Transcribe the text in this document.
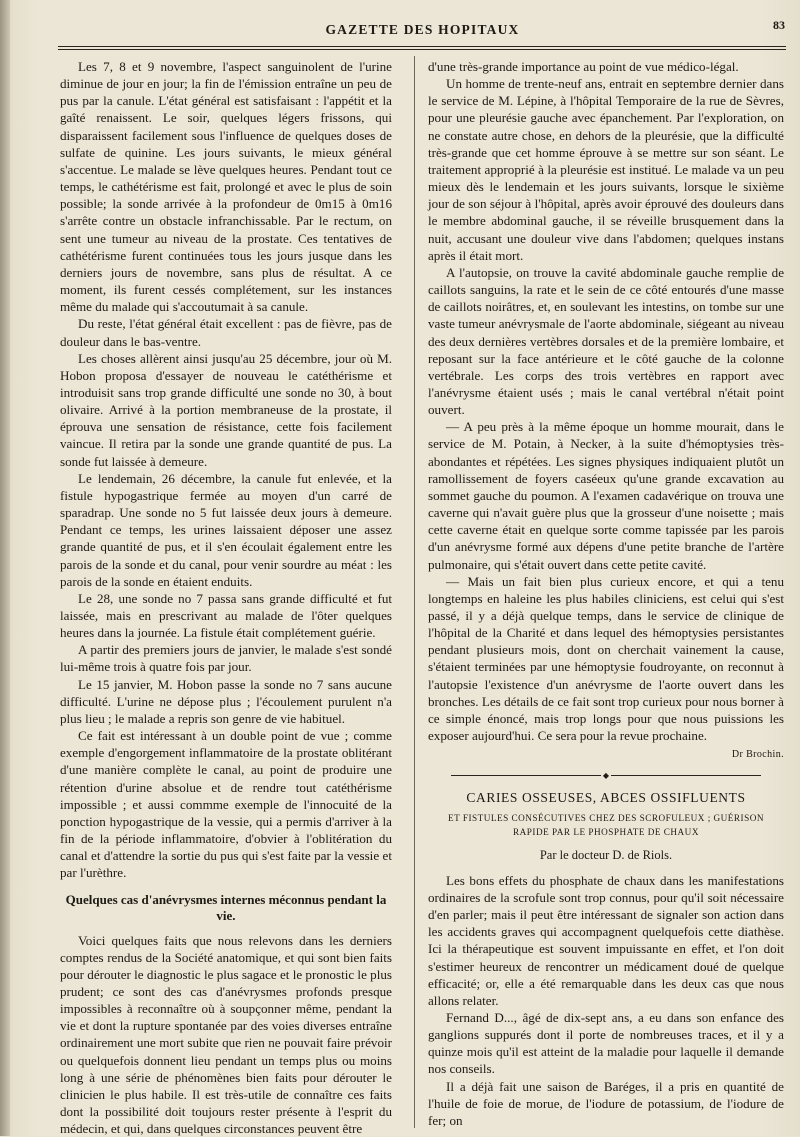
GAZETTE DES HOPITAUX	83

Les 7, 8 et 9 novembre, l'aspect sanguinolent de l'urine diminue de jour en jour; la fin de l'émission entraîne un peu de pus par la canule. L'état général est satisfaisant : l'appétit et la gaîté renaissent. Le soir, quelques légers frissons, qui disparaissent facilement sous l'influence de quelques doses de sulfate de quinine. Les jours suivants, le mieux général s'accentue. Le malade se lève quelques heures. Pendant tout ce temps, le cathétérisme est fait, prolongé et avec le plus de soin possible; la sonde arrivée à la profondeur de 0m15 à 0m16 s'arrête contre un obstacle infranchissable. Par le rectum, on sent une tumeur au niveau de la prostate. Ces tentatives de cathétérisme furent continuées tous les jours jusque dans les derniers jours de novembre, sans plus de résultat. A ce moment, ils furent cessés complétement, sur les instances même du malade qui s'accoutumait à sa canule.

Du reste, l'état général était excellent : pas de fièvre, pas de douleur dans le bas-ventre.

Les choses allèrent ainsi jusqu'au 25 décembre, jour où M. Hobon proposa d'essayer de nouveau le catéthérisme et introduisit sans trop grande difficulté une sonde no 30, à bout olivaire. Arrivé à la portion membraneuse de la prostate, il éprouva une sensation de résistance, cette fois facilement vaincue. Il retira par la sonde une grande quantité de pus. La sonde fut laissée à demeure.

Le lendemain, 26 décembre, la canule fut enlevée, et la fistule hypogastrique fermée au moyen d'un carré de sparadrap. Une sonde no 5 fut laissée deux jours à demeure. Pendant ce temps, les urines laissaient déposer une assez grande quantité de pus, et il s'en écoulait également entre les parois de la sonde et du canal, pour venir sourdre au méat : les parois de la sonde en étaient enduits.

Le 28, une sonde no 7 passa sans grande difficulté et fut laissée, mais en prescrivant au malade de l'ôter quelques heures dans la journée. La fistule était complétement guérie.

A partir des premiers jours de janvier, le malade s'est sondé lui-même trois à quatre fois par jour.

Le 15 janvier, M. Hobon passe la sonde no 7 sans aucune difficulté. L'urine ne dépose plus ; l'écoulement purulent n'a plus lieu ; le malade a repris son genre de vie habituel.

Ce fait est intéressant à un double point de vue ; comme exemple d'engorgement inflammatoire de la prostate oblitérant d'une manière complète le canal, au point de produire une rétention d'urine absolue et de rendre tout catéthérisme impossible ; et aussi commme exemple de l'innocuité de la ponction hypogastrique de la vessie, qui a permis d'arriver à la fin de la période inflammatoire, d'obvier à l'oblitération du canal et d'attendre la sortie du pus qui s'est faite par la vessie et par l'urèthre.

Quelques cas d'anévrysmes internes méconnus pendant la vie.

Voici quelques faits que nous relevons dans les derniers comptes rendus de la Société anatomique, et qui sont bien faits pour dérouter le diagnostic le plus sagace et le pronostic le plus prudent; ce sont des cas d'anévrysmes profonds presque impossibles à reconnaître où à soupçonner même, pendant la vie et dont la rupture spontanée par des voies diverses entraîne ordinairement une mort subite que rien ne pouvait faire prévoir ou quelquefois donnent lieu pendant un temps plus ou moins long à une série de phénomènes bien faits pour dérouter le clinicien le plus habile. Il est très-utile de connaître ces faits dont la possibilité doit toujours rester présente à l'esprit du médecin, et qui, dans quelques circonstances peuvent être

d'une très-grande importance au point de vue médico-légal.

Un homme de trente-neuf ans, entrait en septembre dernier dans le service de M. Lépine, à l'hôpital Temporaire de la rue de Sèvres, pour une pleurésie gauche avec épanchement. Par l'exploration, on ne constate autre chose, en dehors de la pleurésie, que la difficulté très-grande que cet homme éprouve à se mettre sur son séant. Le traitement approprié à la pleurésie est institué. Le malade va un peu mieux dès le lendemain et les jours suivants, lorsque le sixième jour de son séjour à l'hôpital, après avoir éprouvé des douleurs dans le membre abdominal gauche, il se réveille brusquement dans la nuit, accusant une douleur vive dans l'abdomen; quelques instans après il était mort.

A l'autopsie, on trouve la cavité abdominale gauche remplie de caillots sanguins, la rate et le sein de ce côté entourés d'une masse de caillots noirâtres, et, en soulevant les intestins, on tombe sur une vaste tumeur anévrysmale de l'aorte abdominale, siégeant au niveau des deux dernières vertèbres dorsales et de la première lombaire, et reposant sur la face antérieure et le côté gauche de la colonne vertébrale. Les corps des trois vertèbres en rapport avec l'anévrysme étaient usés ; mais le canal vertébral n'était point ouvert.

— A peu près à la même époque un homme mourait, dans le service de M. Potain, à Necker, à la suite d'hémoptysies très-abondantes et répétées. Les signes physiques indiquaient plutôt un ramollissement de foyers caséeux qu'une grande excavation au sommet gauche du poumon. A l'examen cadavérique on trouva une caverne qui n'avait guère plus que la grosseur d'une noisette ; mais cette caverne était en quelque sorte comme tapissée par les parois d'un anévrysme formé aux dépens d'une petite branche de l'artère pulmonaire, qui s'était ouvert dans cette petite cavité.

— Mais un fait bien plus curieux encore, et qui a tenu longtemps en haleine les plus habiles cliniciens, est celui qui s'est passé, il y a déjà quelque temps, dans le service de clinique de l'hôpital de la Charité et dans lequel des hémoptysies persistantes pendant plusieurs mois, dont on cherchait vainement la cause, s'étaient terminées par une hémoptysie foudroyante, on reconnut à l'autopsie l'existence d'un anévrysme de l'aorte ouvert dans les bronches. Les détails de ce fait sont trop curieux pour nous borner à ce simple énoncé, mais trop longs pour que nous puissions les exposer aujourd'hui. Ce sera pour la revue prochaine.

Dr Brochin.
◆
CARIES OSSEUSES, ABCES OSSIFLUENTS
ET FISTULES CONSÉCUTIVES CHEZ DES SCROFULEUX ; GUÉRISON RAPIDE PAR LE PHOSPHATE DE CHAUX
Par le docteur D. de Riols.

Les bons effets du phosphate de chaux dans les manifestations ordinaires de la scrofule sont trop connus, pour qu'il soit nécessaire d'en parler; mais il peut être intéressant de signaler son action dans les accidents graves qui accompagnent quelquefois cette diathèse. Ici la thérapeutique est souvent impuissante en effet, et l'on doit s'estimer heureux de rencontrer un médicament doué de quelque efficacité; or, elle a été remarquable dans les deux cas que nous allons relater.

Fernand D..., âgé de dix-sept ans, a eu dans son enfance des ganglions suppurés dont il porte de nombreuses traces, et il y a quinze mois qu'il est atteint de la maladie pour laquelle il demande nos conseils.

Il a déjà fait une saison de Baréges, il a pris en quantité de l'huile de foie de morue, de l'iodure de potassium, de l'iodure de fer; on
